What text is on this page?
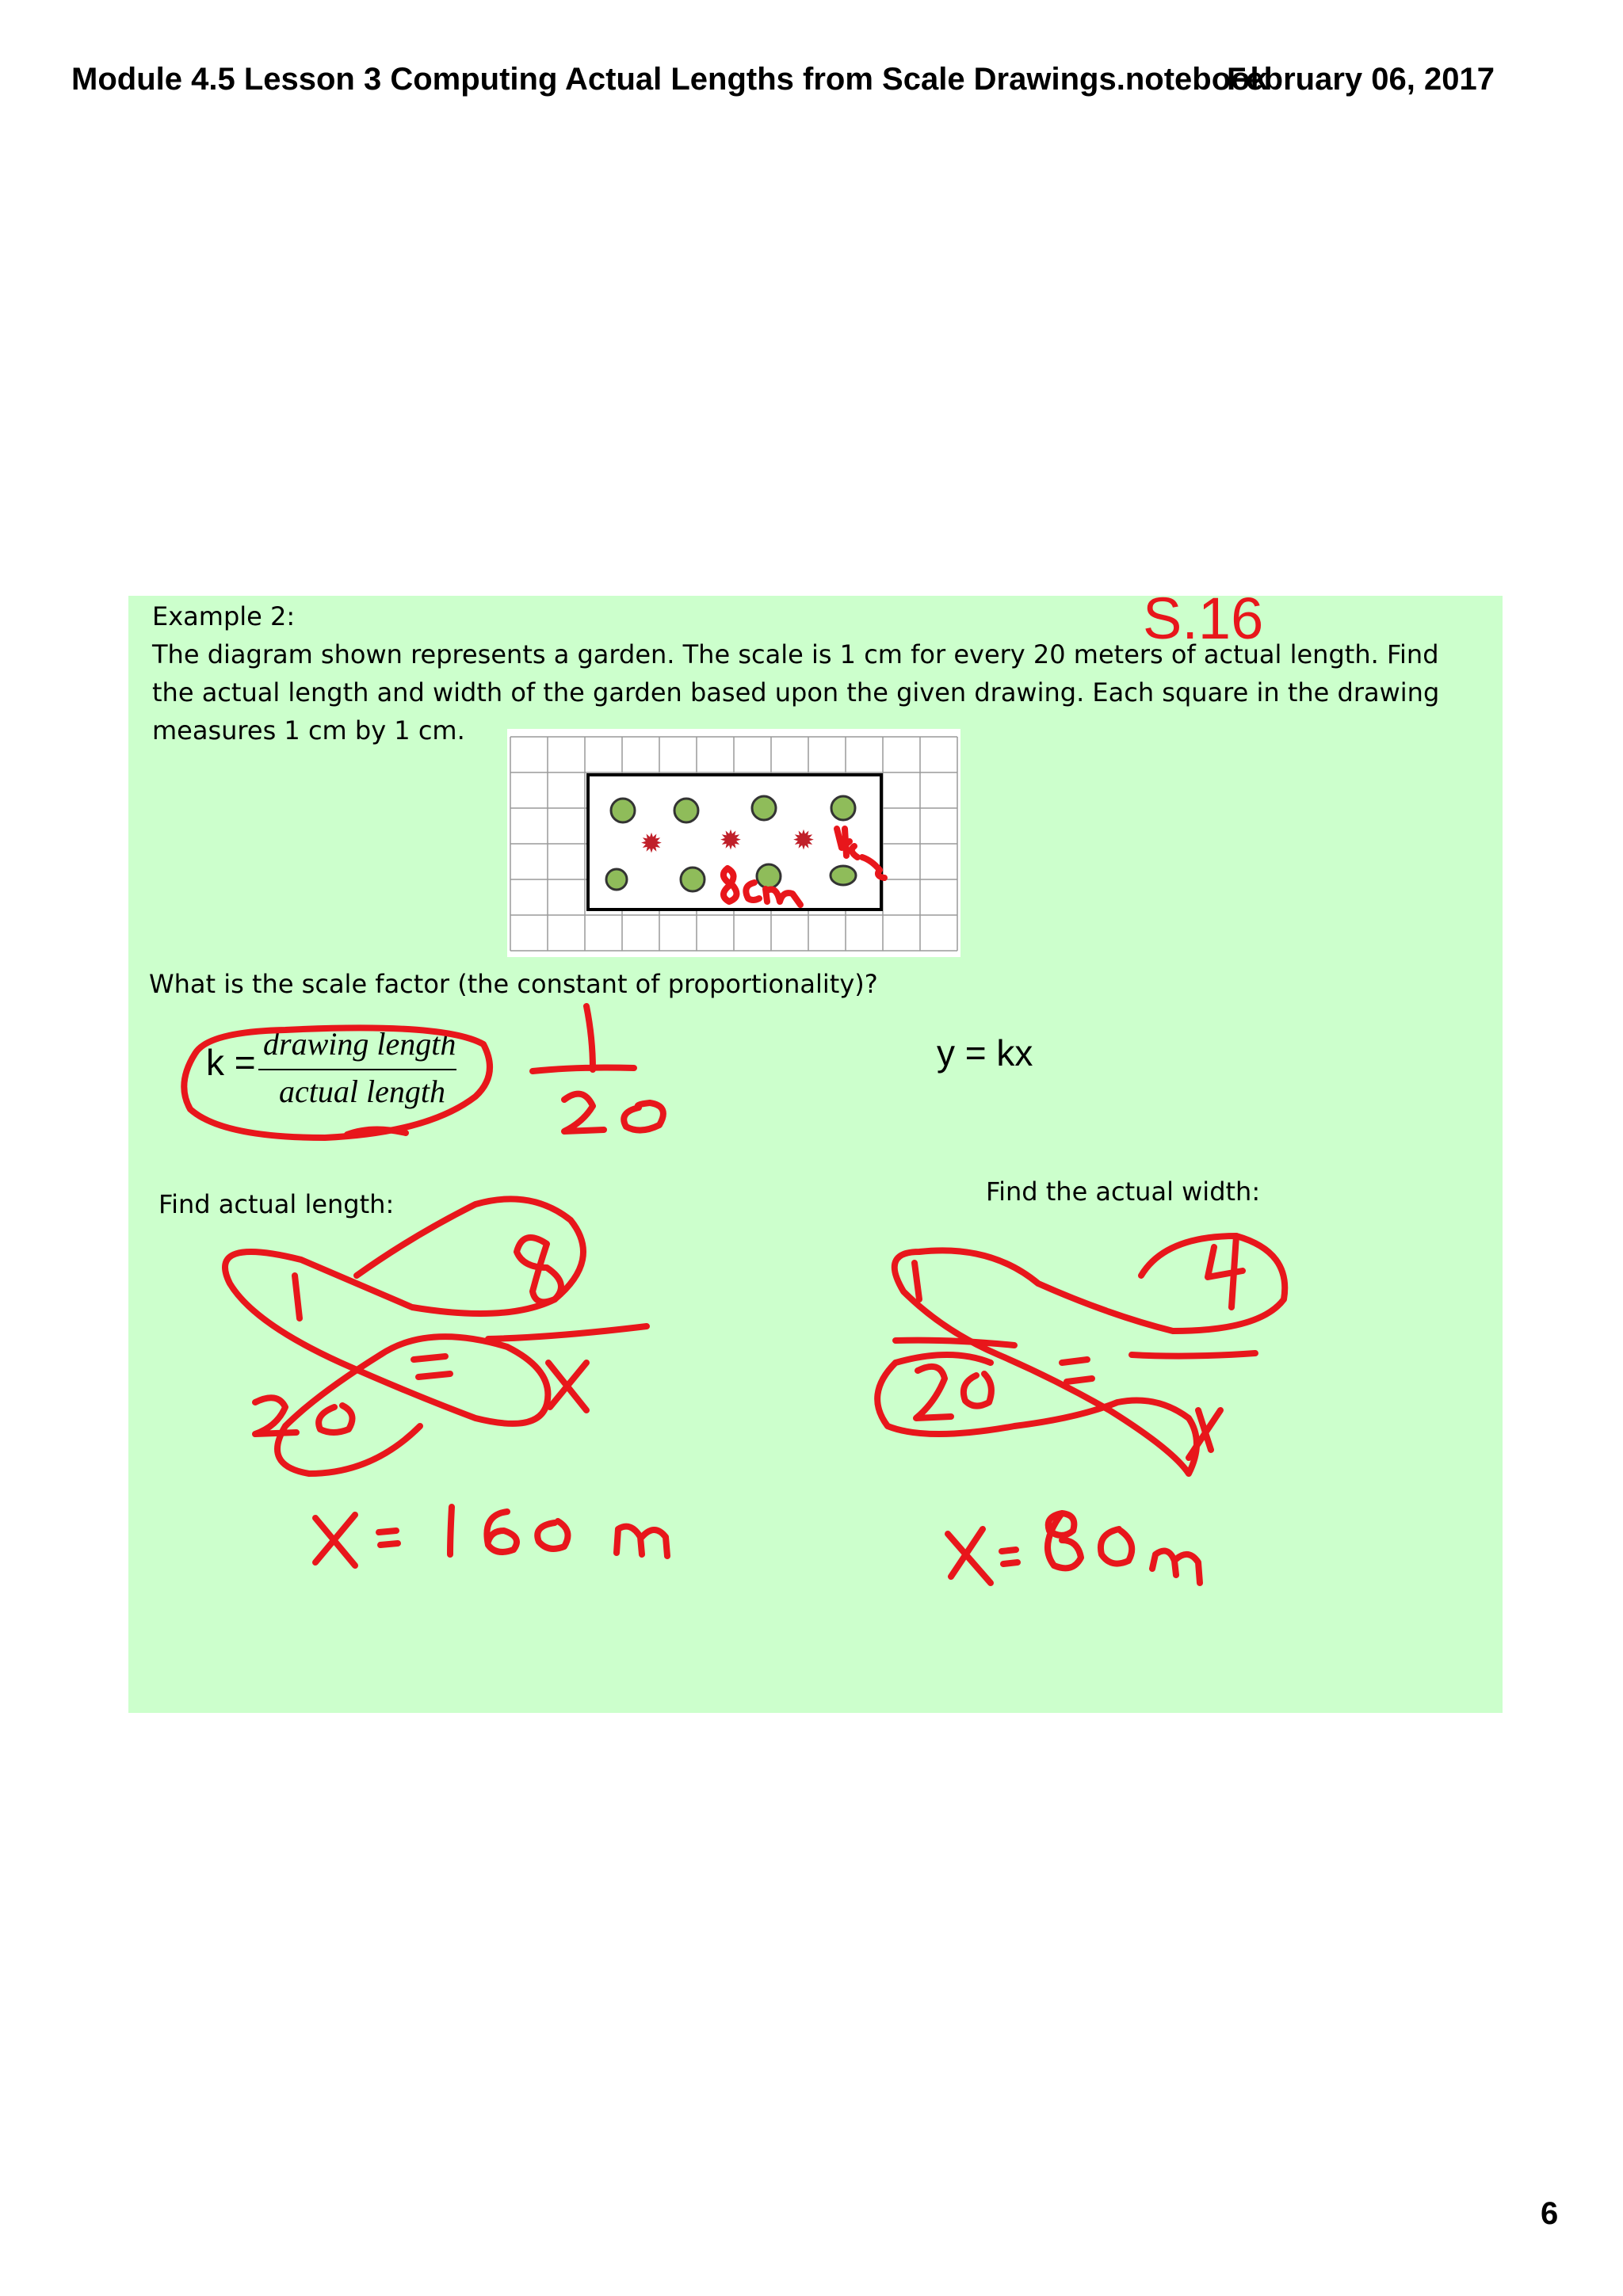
Module 4.5 Lesson 3 Computing Actual Lengths from Scale Drawings.notebook
February 06, 2017
Example 2:
The diagram shown represents a garden. The scale is 1 cm for every 20 meters of actual length. Find
the actual length and width of the garden based upon the given drawing. Each square in the drawing
measures 1 cm by 1 cm.
S.16
What is the scale factor (the constant of proportionality)?
k = drawing length
actual length
y = kx
Find actual length:	Find the actual width:
✹ ✹ ✹
6
